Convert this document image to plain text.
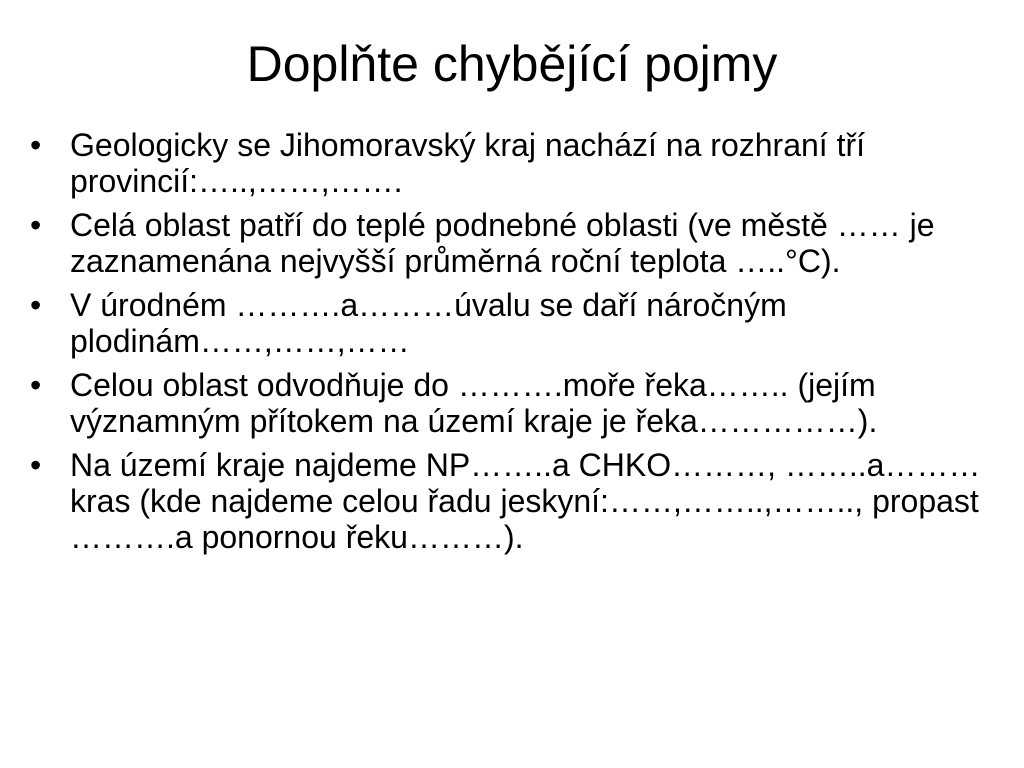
Doplňte chybějící pojmy
• Geologicky se Jihomoravský kraj nachází na rozhraní tří provincií:…..,……,…….
• Celá oblast patří do teplé podnebné oblasti (ve městě …… je zaznamenána nejvyšší průměrná roční teplota …..°C).
• V úrodném ……….a………úvalu se daří náročným plodinám……,……,……
• Celou oblast odvodňuje do ……….moře řeka…….. (jejím významným přítokem na území kraje je řeka……………).
• Na území kraje najdeme NP……..a CHKO………, ……..a………kras (kde najdeme celou řadu jeskyní:……,……..,…….., propast ……….a ponornou řeku………).
